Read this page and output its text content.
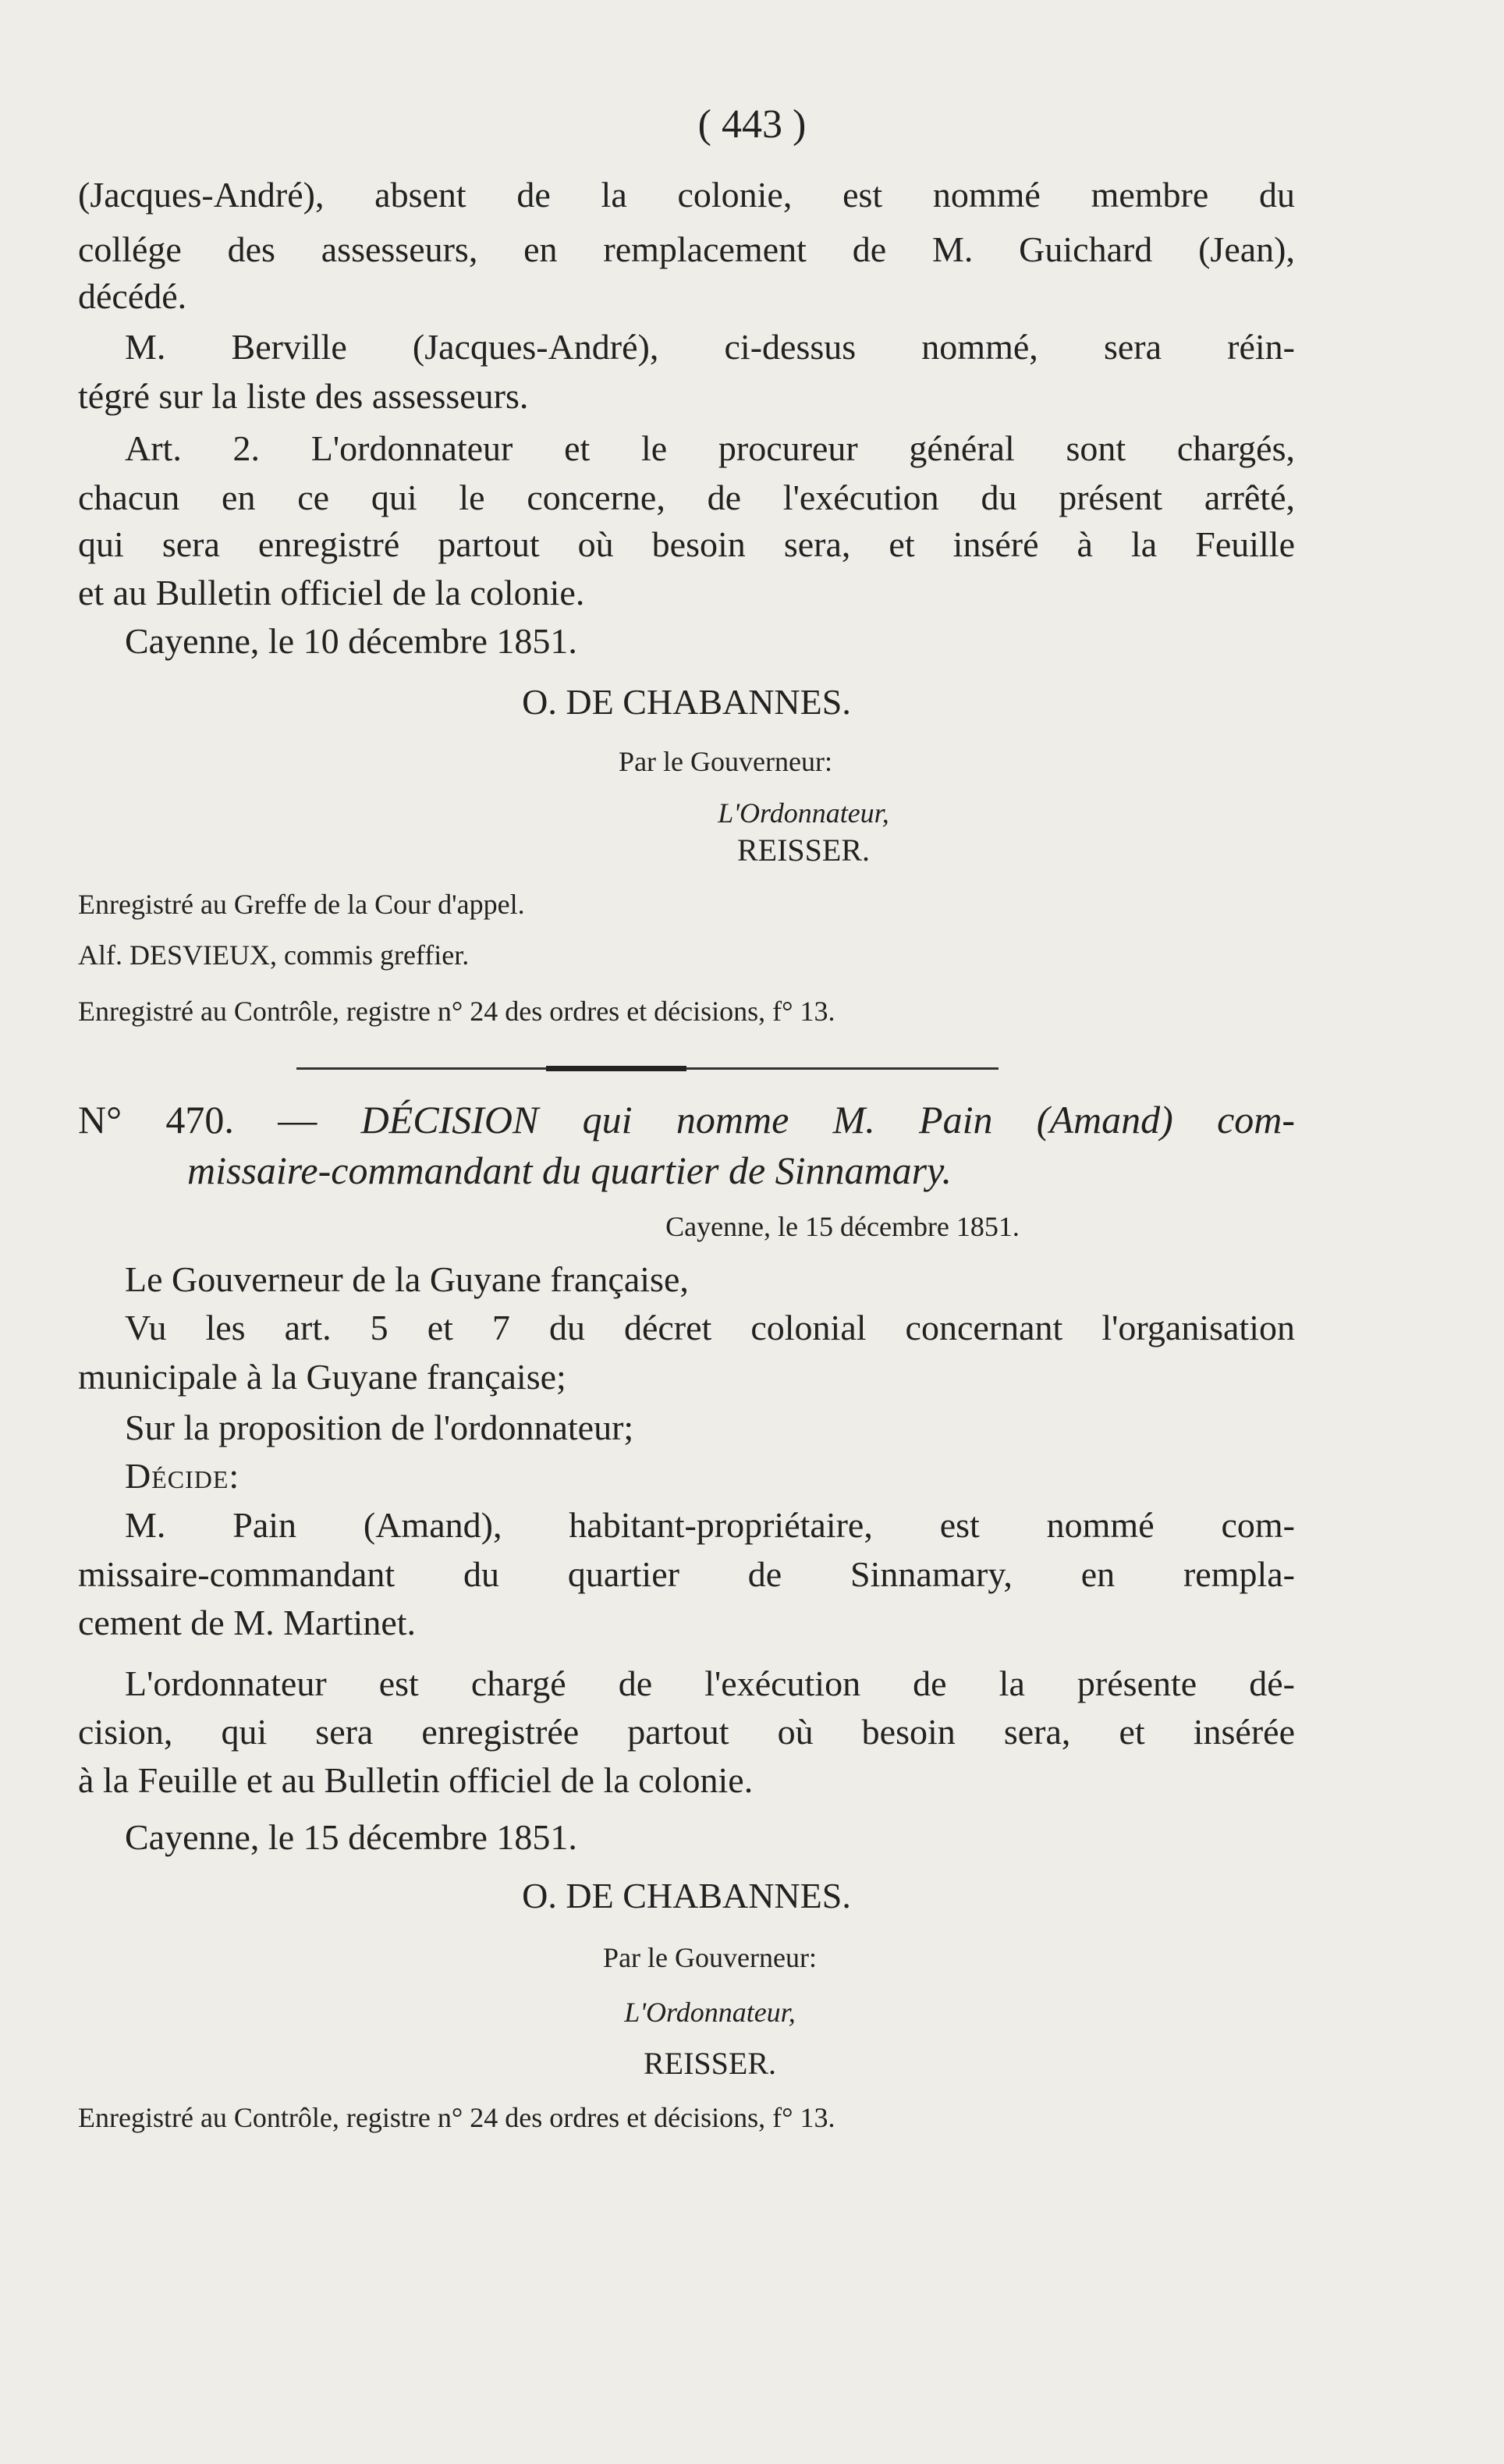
( 443 )
(Jacques-André), absent de la colonie, est nommé membre du
collége des assesseurs, en remplacement de M. Guichard (Jean),
décédé.
M. Berville (Jacques-André), ci-dessus nommé, sera réin-
tégré sur la liste des assesseurs.
Art. 2. L'ordonnateur et le procureur général sont chargés,
chacun en ce qui le concerne, de l'exécution du présent arrêté,
qui sera enregistré partout où besoin sera, et inséré à la Feuille
et au Bulletin officiel de la colonie.
Cayenne, le 10 décembre 1851.
O. DE CHABANNES.
Par le Gouverneur:
L'Ordonnateur,
REISSER.
Enregistré au Greffe de la Cour d'appel.
Alf. DESVIEUX, commis greffier.
Enregistré au Contrôle, registre n° 24 des ordres et décisions, f° 13.
N° 470. — DÉCISION qui nomme M. Pain (Amand) com-
missaire-commandant du quartier de Sinnamary.
Cayenne, le 15 décembre 1851.
Le Gouverneur de la Guyane française,
Vu les art. 5 et 7 du décret colonial concernant l'organisation
municipale à la Guyane française;
Sur la proposition de l'ordonnateur;
Décide:
M. Pain (Amand), habitant-propriétaire, est nommé com-
missaire-commandant du quartier de Sinnamary, en rempla-
cement de M. Martinet.
L'ordonnateur est chargé de l'exécution de la présente dé-
cision, qui sera enregistrée partout où besoin sera, et insérée
à la Feuille et au Bulletin officiel de la colonie.
Cayenne, le 15 décembre 1851.
O. DE CHABANNES.
Par le Gouverneur:
L'Ordonnateur,
REISSER.
Enregistré au Contrôle, registre n° 24 des ordres et décisions, f° 13.
